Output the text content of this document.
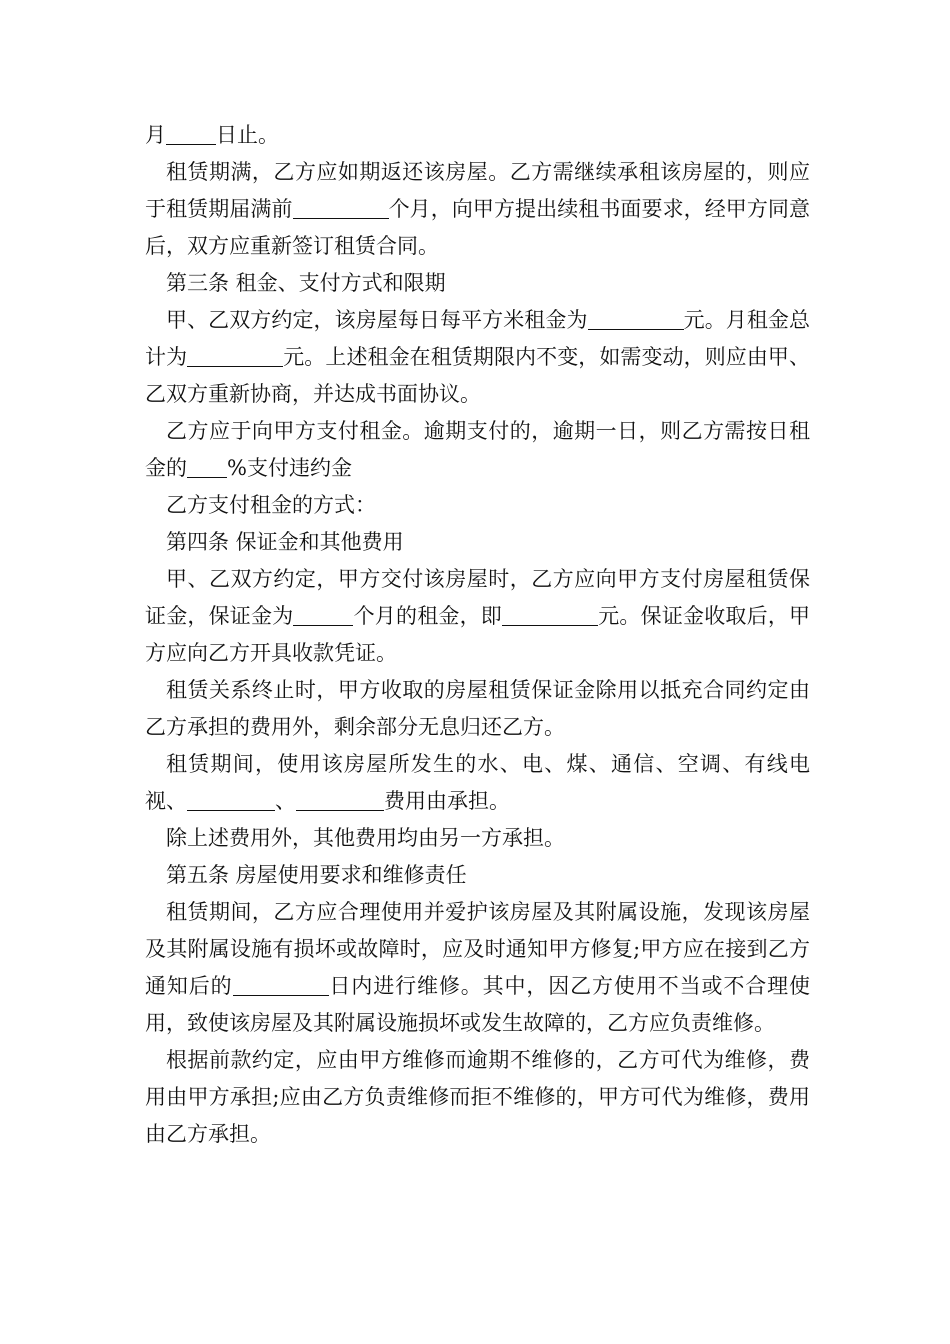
月 日止。

租赁期满，乙方应如期返还该房屋。乙方需继续承租该房屋的，则应于租赁期届满前	个月，向甲方提出续租书面要求，经甲方同意后，双方应重新签订租赁合同。

第三条 租金、支付方式和限期

甲、乙双方约定，该房屋每日每平方米租金为	元。月租金总计为	元。上述租金在租赁期限内不变，如需变动，则应由甲、乙双方重新协商，并达成书面协议。

乙方应于向甲方支付租金。逾期支付的，逾期一日，则乙方需按日租金的 %支付违约金

乙方支付租金的方式：

第四条 保证金和其他费用

甲、乙双方约定，甲方交付该房屋时，乙方应向甲方支付房屋租赁保证金，保证金为	个月的租金，即	元。保证金收取后，甲方应向乙方开具收款凭证。

租赁关系终止时，甲方收取的房屋租赁保证金除用以抵充合同约定由乙方承担的费用外，剩余部分无息归还乙方。

租赁期间，使用该房屋所发生的水、电、煤、通信、空调、有线电视、	、	费用由承担。

除上述费用外，其他费用均由另一方承担。

第五条 房屋使用要求和维修责任

租赁期间，乙方应合理使用并爱护该房屋及其附属设施，发现该房屋及其附属设施有损坏或故障时，应及时通知甲方修复;甲方应在接到乙方通知后的	日内进行维修。其中，因乙方使用不当或不合理使用，致使该房屋及其附属设施损坏或发生故障的，乙方应负责维修。

根据前款约定，应由甲方维修而逾期不维修的，乙方可代为维修，费用由甲方承担;应由乙方负责维修而拒不维修的，甲方可代为维修，费用由乙方承担。
